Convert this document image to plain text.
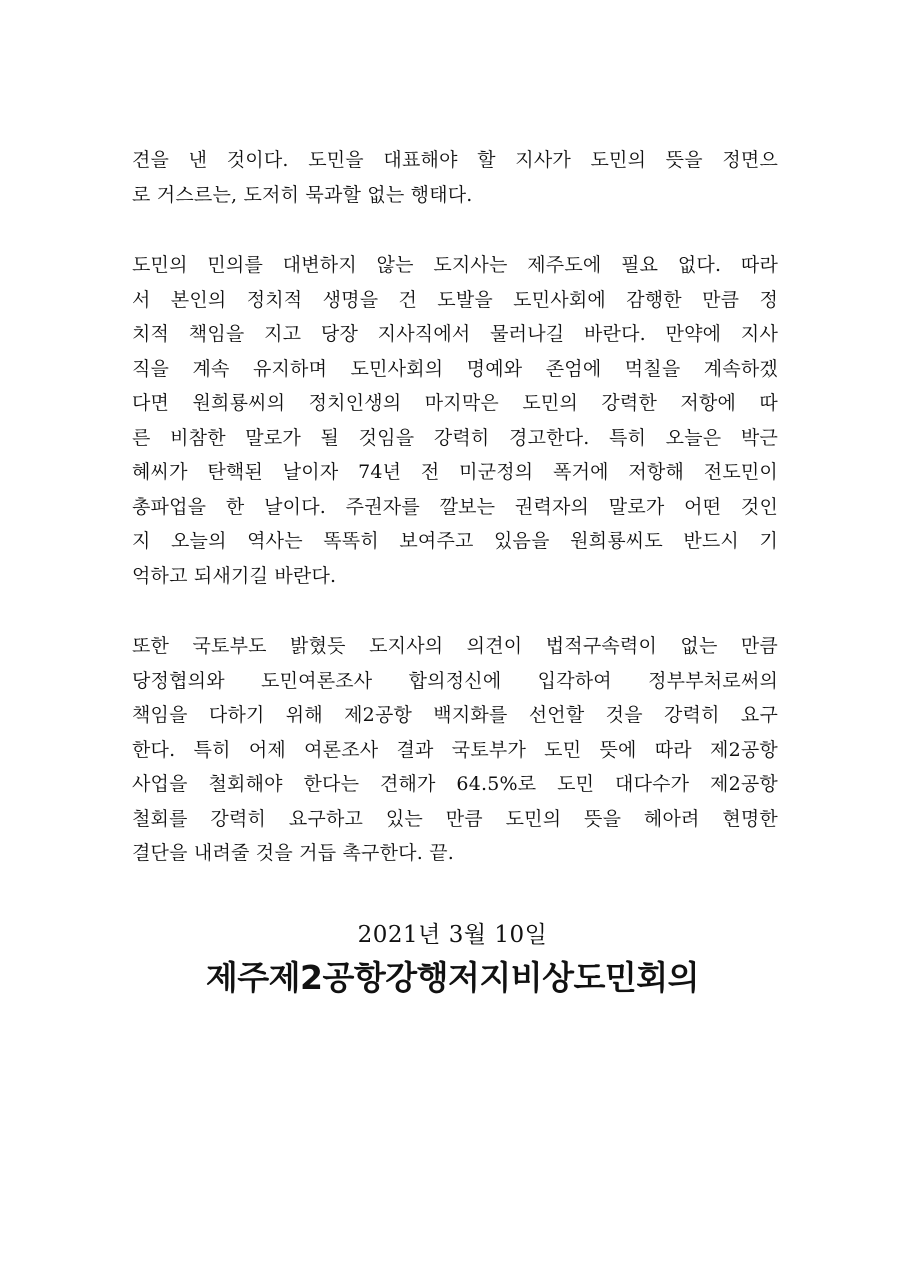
견을 낸 것이다. 도민을 대표해야 할 지사가 도민의 뜻을 정면으
로 거스르는, 도저히 묵과할 없는 행태다.

도민의 민의를 대변하지 않는 도지사는 제주도에 필요 없다. 따라
서 본인의 정치적 생명을 건 도발을 도민사회에 감행한 만큼 정
치적 책임을 지고 당장 지사직에서 물러나길 바란다. 만약에 지사
직을 계속 유지하며 도민사회의 명예와 존엄에 먹칠을 계속하겠
다면 원희룡씨의 정치인생의 마지막은 도민의 강력한 저항에 따
른 비참한 말로가 될 것임을 강력히 경고한다. 특히 오늘은 박근
혜씨가 탄핵된 날이자 74년 전 미군정의 폭거에 저항해 전도민이
총파업을 한 날이다. 주권자를 깔보는 권력자의 말로가 어떤 것인
지 오늘의 역사는 똑똑히 보여주고 있음을 원희룡씨도 반드시 기
억하고 되새기길 바란다.

또한 국토부도 밝혔듯 도지사의 의견이 법적구속력이 없는 만큼
당정협의와 도민여론조사 합의정신에 입각하여 정부부처로써의
책임을 다하기 위해 제2공항 백지화를 선언할 것을 강력히 요구
한다. 특히 어제 여론조사 결과 국토부가 도민 뜻에 따라 제2공항
사업을 철회해야 한다는 견해가 64.5%로 도민 대다수가 제2공항
철회를 강력히 요구하고 있는 만큼 도민의 뜻을 헤아려 현명한
결단을 내려줄 것을 거듭 촉구한다. 끝.

2021년 3월 10일
제주제2공항강행저지비상도민회의
